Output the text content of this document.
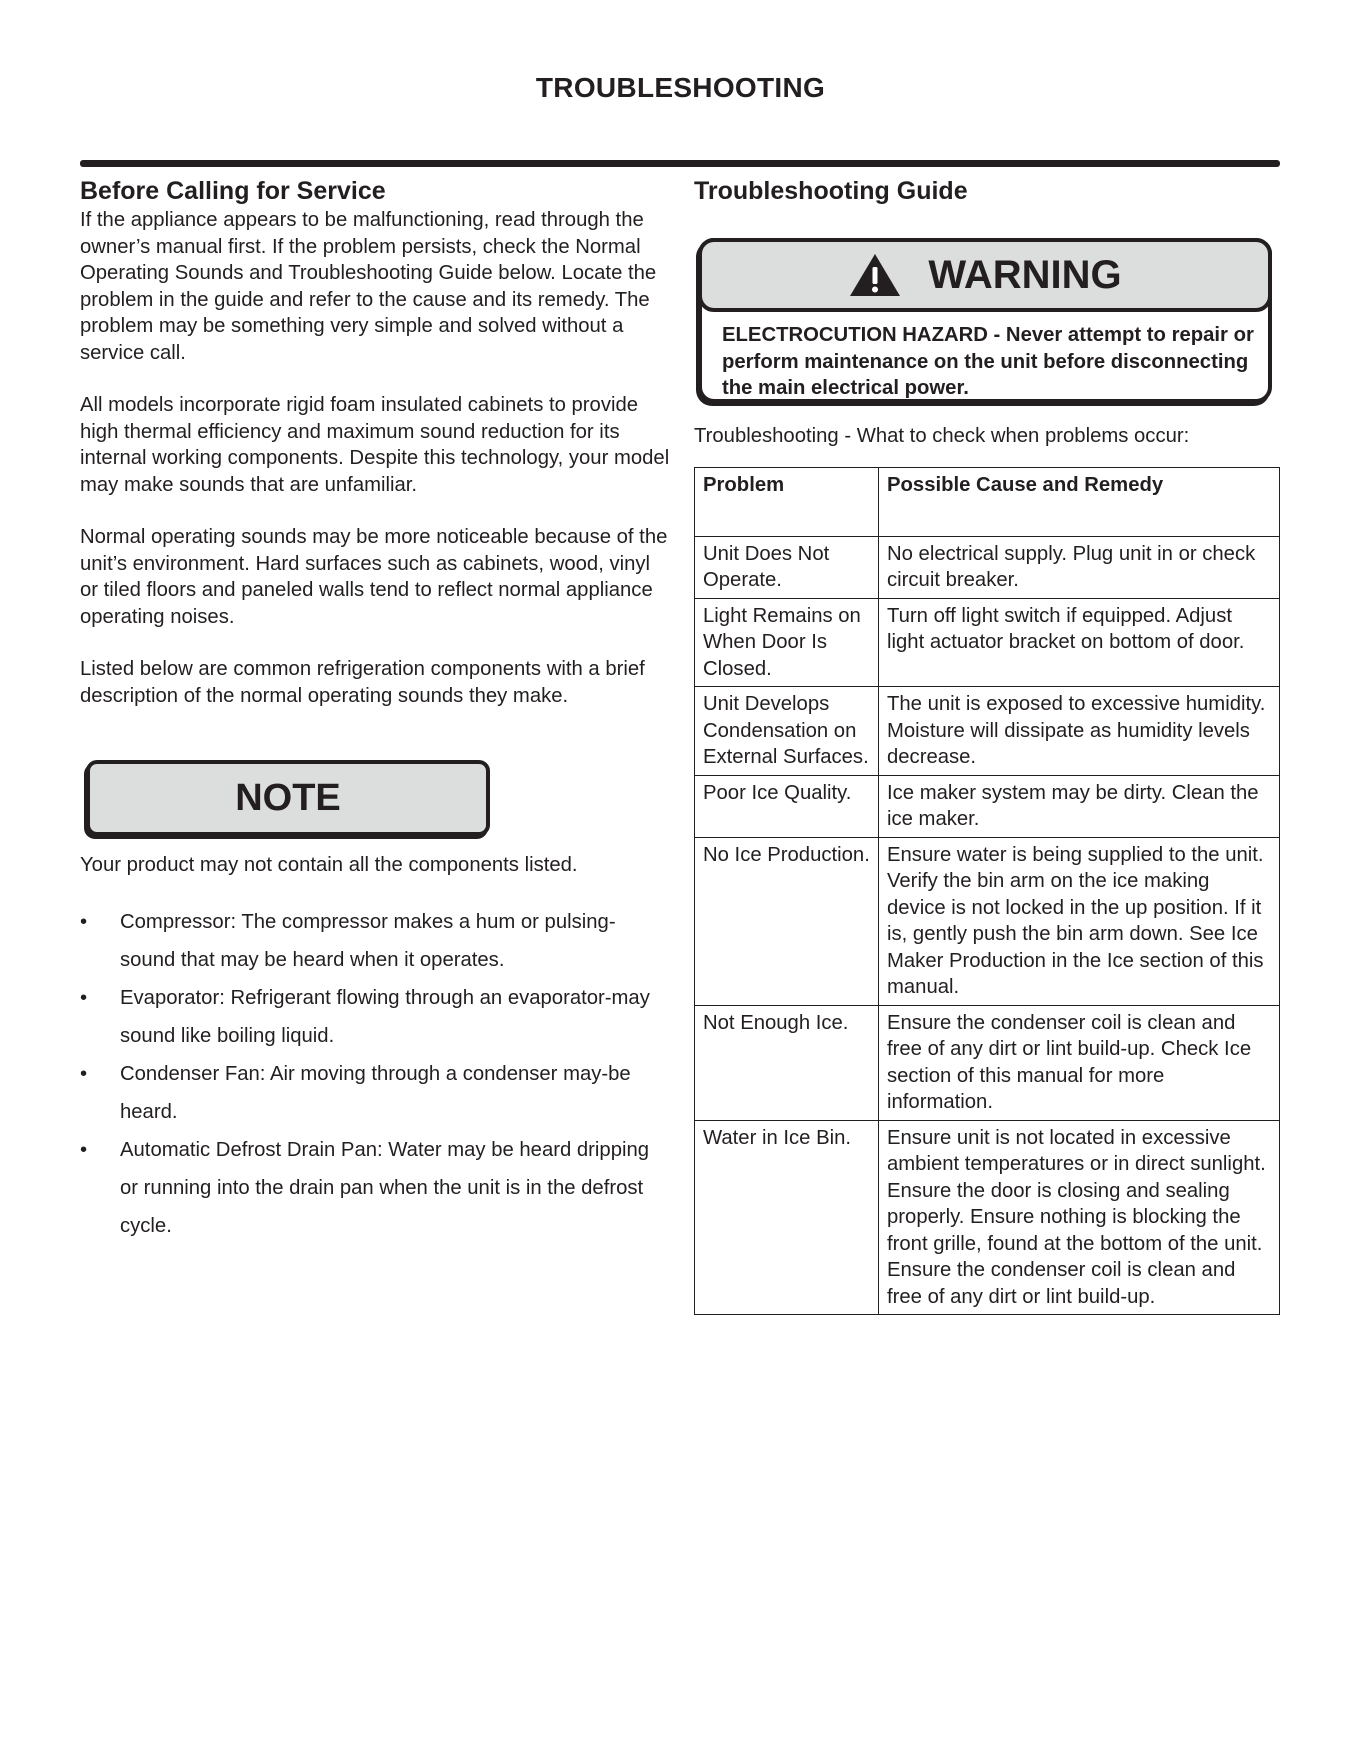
TROUBLESHOOTING
Before Calling for Service

If the appliance appears to be malfunctioning, read through the owner’s manual first. If the problem persists, check the Normal Operating Sounds and Troubleshooting Guide below. Locate the problem in the guide and refer to the cause and its remedy. The problem may be something very simple and solved without a service call.

All models incorporate rigid foam insulated cabinets to provide high thermal efficiency and maximum sound reduction for its internal working components. Despite this technology, your model may make sounds that are unfamiliar.

Normal operating sounds may be more noticeable because of the unit’s environment. Hard surfaces such as cabinets, wood, vinyl or tiled floors and paneled walls tend to reflect normal appliance operating noises.

Listed below are common refrigeration components with a brief description of the normal operating sounds they make.

NOTE

Your product may not contain all the components listed.

• Compressor: The compressor makes a hum or pulsing-sound that may be heard when it operates.
• Evaporator: Refrigerant flowing through an evaporator-may sound like boiling liquid.
• Condenser Fan: Air moving through a condenser may-be heard.
• Automatic Defrost Drain Pan: Water may be heard dripping or running into the drain pan when the unit is in the defrost cycle.
Troubleshooting Guide
WARNING
ELECTROCUTION HAZARD - Never attempt to repair or perform maintenance on the unit before disconnecting the main electrical power.

Troubleshooting - What to check when problems occur:

Problem	Possible Cause and Remedy
Unit Does Not Operate.	No electrical supply. Plug unit in or check circuit breaker.
Light Remains on When Door Is Closed.	Turn off light switch if equipped. Adjust light actuator bracket on bottom of door.
Unit Develops Condensation on External Surfaces.	The unit is exposed to excessive humidity. Moisture will dissipate as humidity levels decrease.
Poor Ice Quality.	Ice maker system may be dirty. Clean the ice maker.
No Ice Production.	Ensure water is being supplied to the unit. Verify the bin arm on the ice making device is not locked in the up position. If it is, gently push the bin arm down. See Ice Maker Production in the Ice section of this manual.
Not Enough Ice.	Ensure the condenser coil is clean and free of any dirt or lint build-up. Check Ice section of this manual for more information.
Water in Ice Bin.	Ensure unit is not located in excessive ambient temperatures or in direct sunlight. Ensure the door is closing and sealing properly. Ensure nothing is blocking the front grille, found at the bottom of the unit. Ensure the condenser coil is clean and free of any dirt or lint build-up.
